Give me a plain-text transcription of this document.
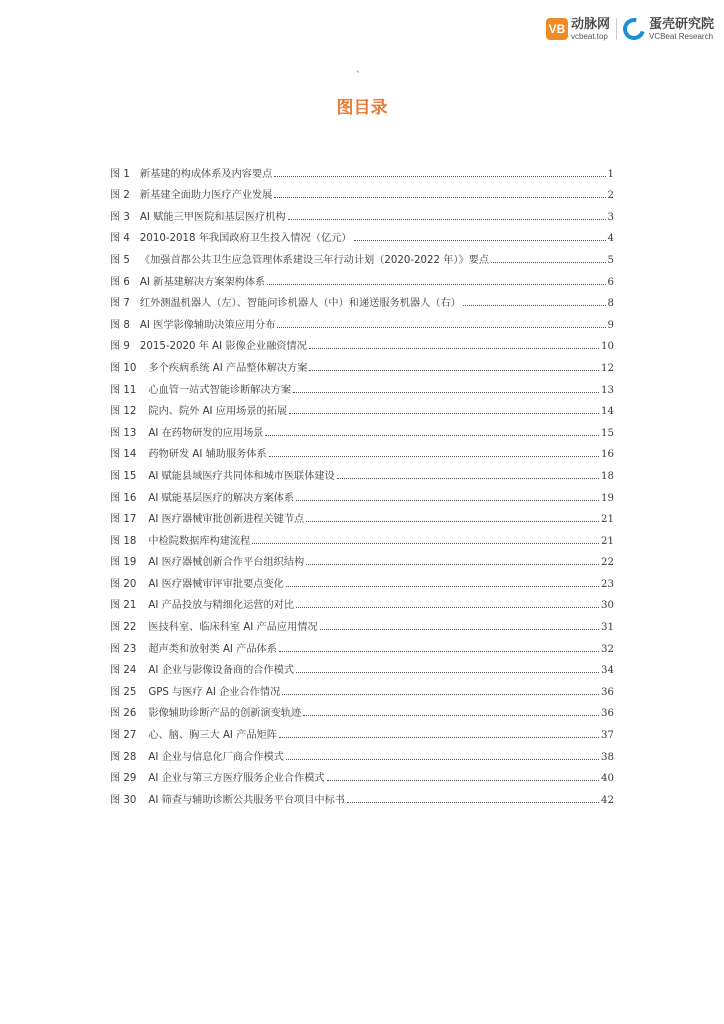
VB 动脉网
vcbeat.top
蛋壳研究院
VCBeat Research
、
图目录
图 1 新基建的构成体系及内容要点	1
图 2 新基建全面助力医疗产业发展	2
图 3 AI 赋能三甲医院和基层医疗机构	3
图 4 2010-2018 年我国政府卫生投入情况（亿元）	4
图 5 《加强首都公共卫生应急管理体系建设三年行动计划（2020-2022 年）》要点	5
图 6 AI 新基建解决方案架构体系	6
图 7 红外测温机器人（左）、智能问诊机器人（中）和递送服务机器人（右）	8
图 8 AI 医学影像辅助决策应用分布	9
图 9 2015-2020 年 AI 影像企业融资情况	10
图 10 多个疾病系统 AI 产品整体解决方案	12
图 11 心血管一站式智能诊断解决方案	13
图 12 院内、院外 AI 应用场景的拓展	14
图 13 AI 在药物研发的应用场景	15
图 14 药物研发 AI 辅助服务体系	16
图 15 AI 赋能县域医疗共同体和城市医联体建设	18
图 16 AI 赋能基层医疗的解决方案体系	19
图 17 AI 医疗器械审批创新进程关键节点	21
图 18 中检院数据库构建流程	21
图 19 AI 医疗器械创新合作平台组织结构	22
图 20 AI 医疗器械审评审批要点变化	23
图 21 AI 产品投放与精细化运营的对比	30
图 22 医技科室、临床科室 AI 产品应用情况	31
图 23 超声类和放射类 AI 产品体系	32
图 24 AI 企业与影像设备商的合作模式	34
图 25 GPS 与医疗 AI 企业合作情况	36
图 26 影像辅助诊断产品的创新演变轨迹	36
图 27 心、脑、胸三大 AI 产品矩阵	37
图 28 AI 企业与信息化厂商合作模式	38
图 29 AI 企业与第三方医疗服务企业合作模式	40
图 30 AI 筛查与辅助诊断公共服务平台项目中标书	42
